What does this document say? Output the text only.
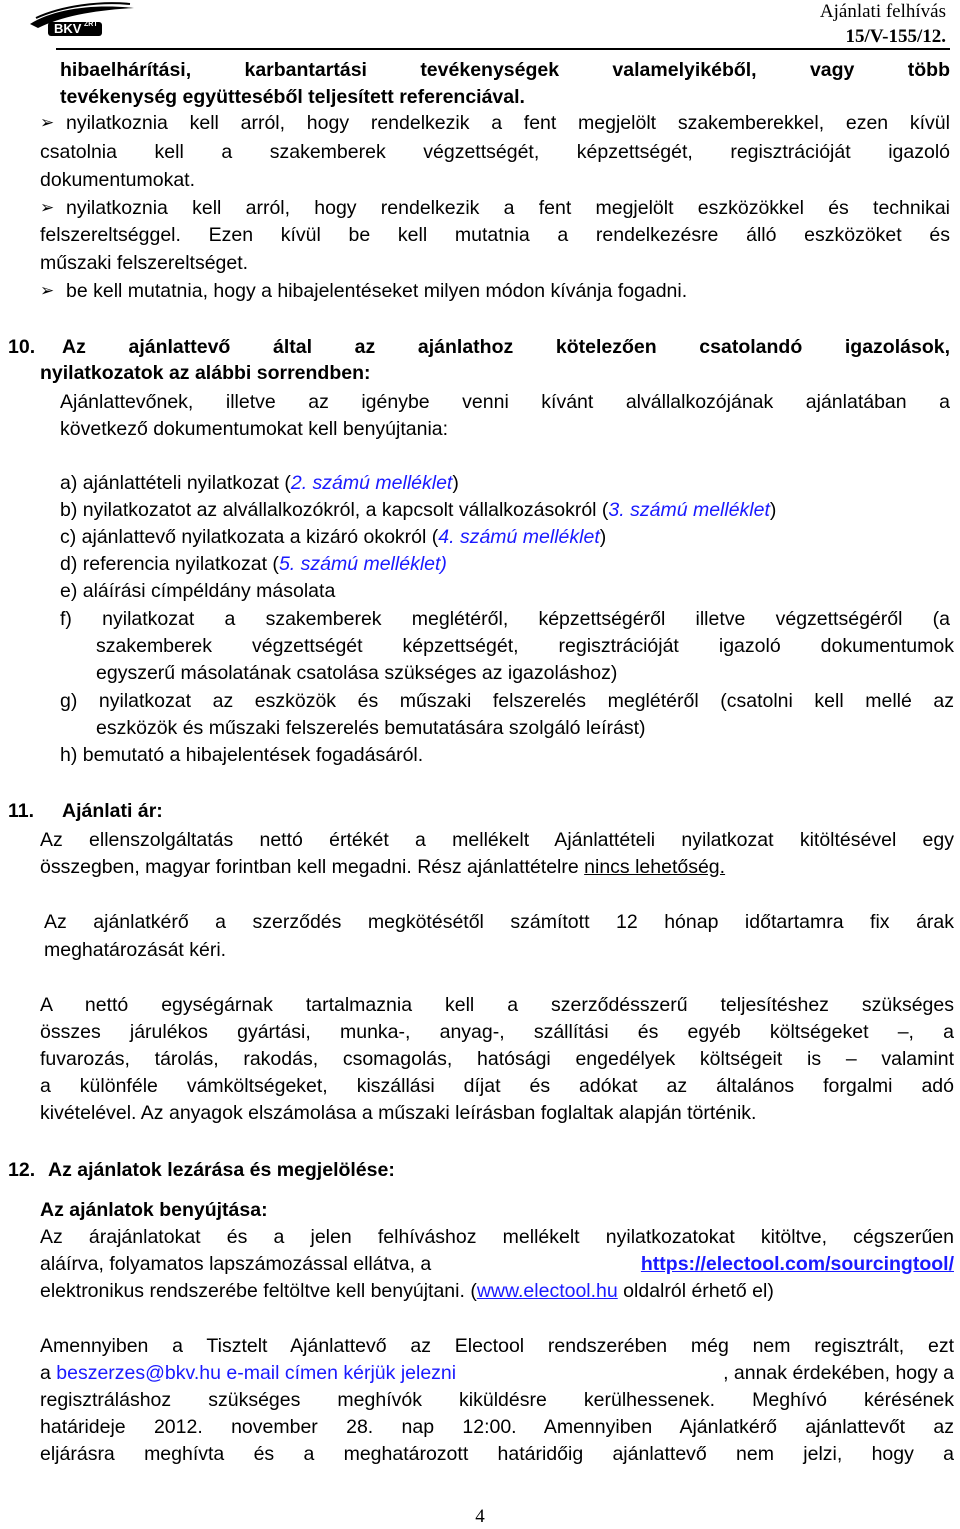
BKV ZRT
Ajánlati felhívás
15/V-155/12.
hibaelhárítási, karbantartási tevékenységek valamelyikéből, vagy több
tevékenység együtteséből teljesített referenciával.
➢ nyilatkoznia kell arról, hogy rendelkezik a fent megjelölt szakemberekkel, ezen kívül
csatolnia kell a szakemberek végzettségét, képzettségét, regisztrációját igazoló
dokumentumokat.
➢ nyilatkoznia kell arról, hogy rendelkezik a fent megjelölt eszközökkel és technikai
felszereltséggel. Ezen kívül be kell mutatnia a rendelkezésre álló eszközöket és
műszaki felszereltséget.
➢ be kell mutatnia, hogy a hibajelentéseket milyen módon kívánja fogadni.
10. Az ajánlattevő által az ajánlathoz kötelezően csatolandó igazolások,
nyilatkozatok az alábbi sorrendben:
Ajánlattevőnek, illetve az igénybe venni kívánt alvállalkozójának ajánlatában a
következő dokumentumokat kell benyújtania:
a) ajánlattételi nyilatkozat (2. számú melléklet)
b) nyilatkozatot az alvállalkozókról, a kapcsolt vállalkozásokról (3. számú melléklet)
c) ajánlattevő nyilatkozata a kizáró okokról (4. számú melléklet)
d) referencia nyilatkozat (5. számú melléklet)
e) aláírási címpéldány másolata
f) nyilatkozat a szakemberek meglétéről, képzettségéről illetve végzettségéről (a
szakemberek végzettségét képzettségét, regisztrációját igazoló dokumentumok
egyszerű másolatának csatolása szükséges az igazoláshoz)
g) nyilatkozat az eszközök és műszaki felszerelés meglétéről (csatolni kell mellé az
eszközök és műszaki felszerelés bemutatására szolgáló leírást)
h) bemutató a hibajelentések fogadásáról.
11. Ajánlati ár:
Az ellenszolgáltatás nettó értékét a mellékelt Ajánlattételi nyilatkozat kitöltésével egy
összegben, magyar forintban kell megadni. Rész ajánlattételre nincs lehetőség.
Az ajánlatkérő a szerződés megkötésétől számított 12 hónap időtartamra fix árak
meghatározását kéri.
A nettó egységárnak tartalmaznia kell a szerződésszerű teljesítéshez szükséges
összes járulékos gyártási, munka-, anyag-, szállítási és egyéb költségeket –, a
fuvarozás, tárolás, rakodás, csomagolás, hatósági engedélyek költségeit is – valamint
a különféle vámköltségeket, kiszállási díjat és adókat az általános forgalmi adó
kivételével. Az anyagok elszámolása a műszaki leírásban foglaltak alapján történik.
12. Az ajánlatok lezárása és megjelölése:
Az ajánlatok benyújtása:
Az árajánlatokat és a jelen felhíváshoz mellékelt nyilatkozatokat kitöltve, cégszerűen
aláírva, folyamatos lapszámozással ellátva, a	https://electool.com/sourcingtool/
elektronikus rendszerébe feltöltve kell benyújtani. (www.electool.hu oldalról érhető el)
Amennyiben a Tisztelt Ajánlattevő az Electool rendszerében még nem regisztrált, ezt
a beszerzes@bkv.hu e-mail címen kérjük jelezni	, annak érdekében, hogy a
regisztráláshoz szükséges meghívók kiküldésre kerülhessenek. Meghívó kérésének
határideje 2012. november 28. nap 12:00. Amennyiben Ajánlatkérő ajánlattevőt az
eljárásra meghívta és a meghatározott határidőig ajánlattevő nem jelzi, hogy a
4
